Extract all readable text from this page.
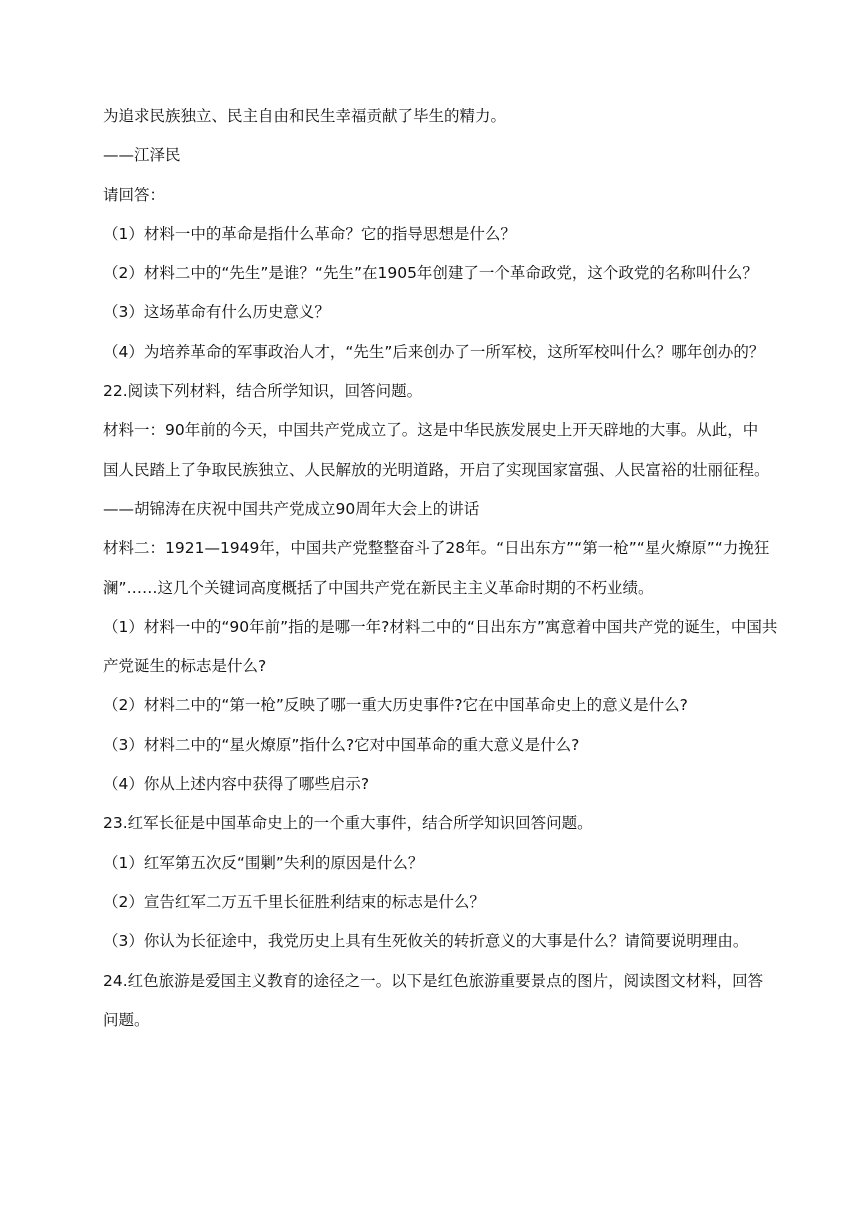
为追求民族独立、民主自由和民生幸福贡献了毕生的精力。
——江泽民
请回答：
（1）材料一中的革命是指什么革命？它的指导思想是什么？
（2）材料二中的“先生”是谁？“先生”在1905年创建了一个革命政党，这个政党的名称叫什么？
（3）这场革命有什么历史意义？
（4）为培养革命的军事政治人才，“先生”后来创办了一所军校，这所军校叫什么？哪年创办的？
22.阅读下列材料，结合所学知识，回答问题。
材料一：90年前的今天，中国共产党成立了。这是中华民族发展史上开天辟地的大事。从此，中
国人民踏上了争取民族独立、人民解放的光明道路，开启了实现国家富强、人民富裕的壮丽征程。
——胡锦涛在庆祝中国共产党成立90周年大会上的讲话
材料二：1921—1949年，中国共产党整整奋斗了28年。“日出东方”“第一枪”“星火燎原”“力挽狂
澜”……这几个关键词高度概括了中国共产党在新民主主义革命时期的不朽业绩。
（1）材料一中的“90年前”指的是哪一年?材料二中的“日出东方”寓意着中国共产党的诞生，中国共
产党诞生的标志是什么?
（2）材料二中的“第一枪”反映了哪一重大历史事件?它在中国革命史上的意义是什么?
（3）材料二中的“星火燎原”指什么?它对中国革命的重大意义是什么?
（4）你从上述内容中获得了哪些启示?
23.红军长征是中国革命史上的一个重大事件，结合所学知识回答问题。
（1）红军第五次反“围剿”失利的原因是什么？
（2）宣告红军二万五千里长征胜利结束的标志是什么？
（3）你认为长征途中，我党历史上具有生死攸关的转折意义的大事是什么？请简要说明理由。
24.红色旅游是爱国主义教育的途径之一。以下是红色旅游重要景点的图片，阅读图文材料，回答
问题。
